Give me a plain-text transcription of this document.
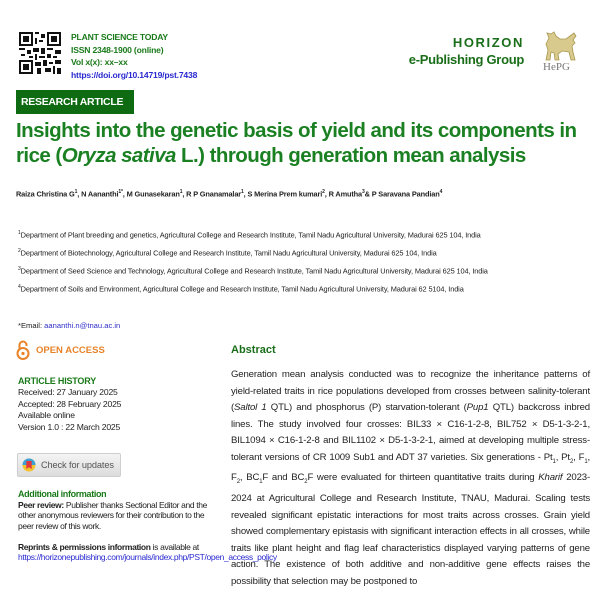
PLANT SCIENCE TODAY
ISSN 2348-1900 (online)
Vol x(x): xx–xx
https://doi.org/10.14719/pst.7438
HORIZON
e-Publishing Group HePG
RESEARCH ARTICLE
Insights into the genetic basis of yield and its components in rice (Oryza sativa L.) through generation mean analysis
Raiza Christina $G^1$, N Aananthi$^{1*}$, M Gunasekaran$^1$, R P Gnanamalar$^1$, S Merina Prem kumari$^2$, R Amutha$^3$& P Saravana Pandian$^4$
$^1$Department of Plant breeding and genetics, Agricultural College and Research Institute, Tamil Nadu Agricultural University, Madurai 625 104, India
$^2$Department of Biotechnology, Agricultural College and Research Institute, Tamil Nadu Agricultural University, Madurai 625 104, India
$^3$Department of Seed Science and Technology, Agricultural College and Research Institute, Tamil Nadu Agricultural University, Madurai 625 104, India
$^4$Department of Soils and Environment, Agricultural College and Research Institute, Tamil Nadu Agricultural University, Madurai 62 5104, India
*Email: aananthi.n@tnau.ac.in
OPEN ACCESS
ARTICLE HISTORY
Received: 27 January 2025
Accepted: 28 February 2025
Available online
Version 1.0 : 22 March 2025
Check for updates
Additional information
Peer review: Publisher thanks Sectional Editor and the other anonymous reviewers for their contribution to the peer review of this work.
Reprints & permissions information is available at https://horizonepublishing.com/journals/index.php/PST/open_access_policy
Abstract

Generation mean analysis conducted was to recognize the inheritance patterns of yield-related traits in rice populations developed from crosses between salinity-tolerant (Saltol 1 QTL) and phosphorus (P) starvation-tolerant (Pup1 QTL) backcross inbred lines. The study involved four crosses: BIL33 × C16-1-2-8, BIL752 × D5-1-3-2-1, BIL1094 × C16-1-2-8 and BIL1102 × D5-1-3-2-1, aimed at developing multiple stress-tolerant versions of CR 1009 Sub1 and ADT 37 varieties. Six generations - $Pt_1$, $Pt_2$, $F_1$, $F_2$, $BC_1F$ and $BC_2F$ were evaluated for thirteen quantitative traits during Kharif 2023-2024 at Agricultural College and Research Institute, TNAU, Madurai. Scaling tests revealed significant epistatic interactions for most traits across crosses. Grain yield showed complementary epistasis with significant interaction effects in all crosses, while traits like plant height and flag leaf characteristics displayed varying patterns of gene action. The existence of both additive and non-additive gene effects raises the possibility that selection may be postponed to
